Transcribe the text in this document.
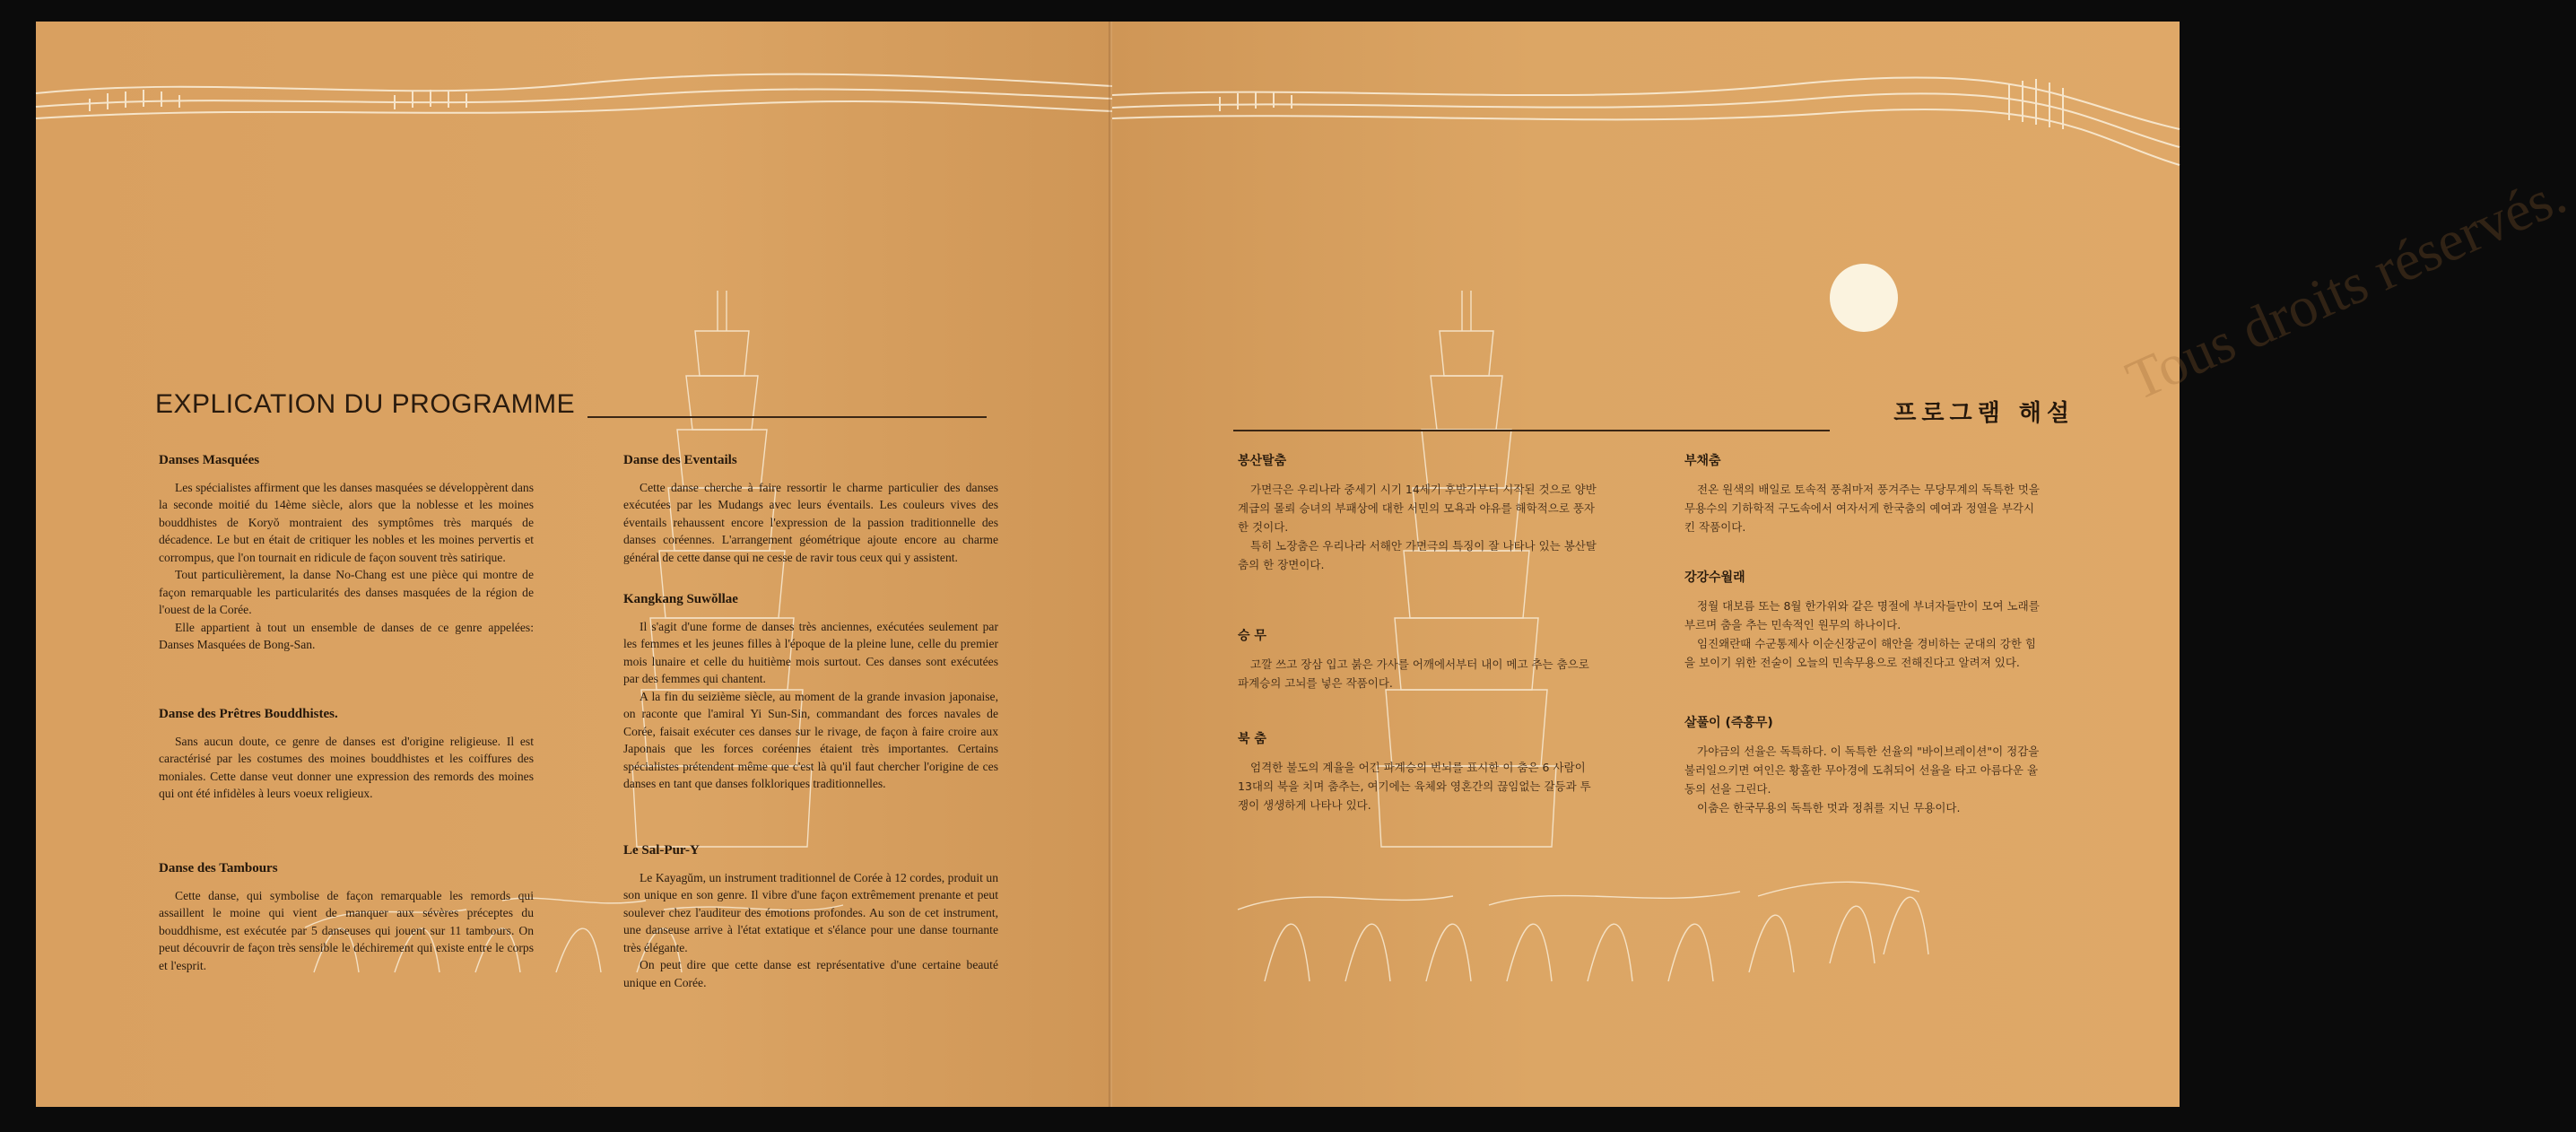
EXPLICATION DU PROGRAMME
Danses Masquées

Les spécialistes affirment que les danses masquées se développèrent dans la seconde moitié du 14ème siècle, alors que la noblesse et les moines bouddhistes de Koryŏ montraient des symptômes très marqués de décadence. Le but en était de critiquer les nobles et les moines pervertis et corrompus, que l'on tournait en ridicule de façon souvent très satirique.

Tout particulièrement, la danse No-Chang est une pièce qui montre de façon remarquable les particularités des danses masquées de la région de l'ouest de la Corée.

Elle appartient à tout un ensemble de danses de ce genre appelées: Danses Masquées de Bong-San.

Danse des Prêtres Bouddhistes.

Sans aucun doute, ce genre de danses est d'origine religieuse. Il est caractérisé par les costumes des moines bouddhistes et les coiffures des moniales. Cette danse veut donner une expression des remords des moines qui ont été infidèles à leurs voeux religieux.

Danse des Tambours

Cette danse, qui symbolise de façon remarquable les remords qui assaillent le moine qui vient de manquer aux sévères préceptes du bouddhisme, est exécutée par 5 danseuses qui jouent sur 11 tambours. On peut découvrir de façon très sensible le déchirement qui existe entre le corps et l'esprit.

Danse des Eventails

Cette danse cherche à faire ressortir le charme particulier des danses exécutées par les Mudangs avec leurs éventails. Les couleurs vives des éventails rehaussent encore l'expression de la passion traditionnelle des danses coréennes. L'arrangement géométrique ajoute encore au charme général de cette danse qui ne cesse de ravir tous ceux qui y assistent.

Kangkang Suwŏllae

Il s'agit d'une forme de danses très anciennes, exécutées seulement par les femmes et les jeunes filles à l'époque de la pleine lune, celle du premier mois lunaire et celle du huitième mois surtout. Ces danses sont exécutées par des femmes qui chantent.

A la fin du seizième siècle, au moment de la grande invasion japonaise, on raconte que l'amiral Yi Sun-Sin, commandant des forces navales de Corée, faisait exécuter ces danses sur le rivage, de façon à faire croire aux Japonais que les forces coréennes étaient très importantes. Certains spécialistes prétendent même que c'est là qu'il faut chercher l'origine de ces danses en tant que danses folkloriques traditionnelles.

Le Sal-Pur-Y

Le Kayagŭm, un instrument traditionnel de Corée à 12 cordes, produit un son unique en son genre. Il vibre d'une façon extrêmement prenante et peut soulever chez l'auditeur des émotions profondes. Au son de cet instrument, une danseuse arrive à l'état extatique et s'élance pour une danse tournante très élégante.

On peut dire que cette danse est représentative d'une certaine beauté unique en Corée.

Tous droits réservés.
프로그램 해설
봉산탈춤

가면극은 우리나라 중세기 시기 14세기 후반기부터 시작된 것으로 양반 계급의 몰뢰 승녀의 부패상에 대한 서민의 모욕과 야유를 해학적으로 풍자한 것이다.

특히 노장춤은 우리나라 서해안 가면극의 특징이 잘 나타나 있는 봉산탈춤의 한 장면이다.

승 무

고깔 쓰고 장삼 입고 붉은 가사를 어깨에서부터 내이 메고 추는 춤으로 파계승의 고뇌를 넣은 작품이다.

북 춤

엄격한 불도의 계율을 어긴 파계승의 번뇌를 표시한 이 춤은 6 사람이 13대의 북을 치며 춤추는, 여기에는 육체와 영혼간의 끊임없는 갈등과 투쟁이 생생하게 나타나 있다.

부채춤

전온 원색의 배일로 토속적 풍취마저 풍겨주는 무당무계의 독특한 멋을 무용수의 기하학적 구도속에서 여자서게 한국춤의 예여과 정열을 부각시킨 작품이다.

강강수월래

정월 대보름 또는 8월 한가위와 같은 명절에 부녀자들만이 모여 노래를 부르며 춤을 추는 민속적인 원무의 하나이다.

임진왜란때 수군통제사 이순신장군이 해안을 경비하는 군대의 강한 힘을 보이기 위한 전술이 오늘의 민속무용으로 전해진다고 알려져 있다.

살풀이 (즉흥무)

가야금의 선율은 독특하다. 이 독특한 선율의 "바이브레이션"이 정감을 불러일으키면 여인은 황홀한 무아경에 도취되어 선율을 타고 아름다운 율동의 선을 그린다.

이춤은 한국무용의 독특한 멋과 정취를 지닌 무용이다.
